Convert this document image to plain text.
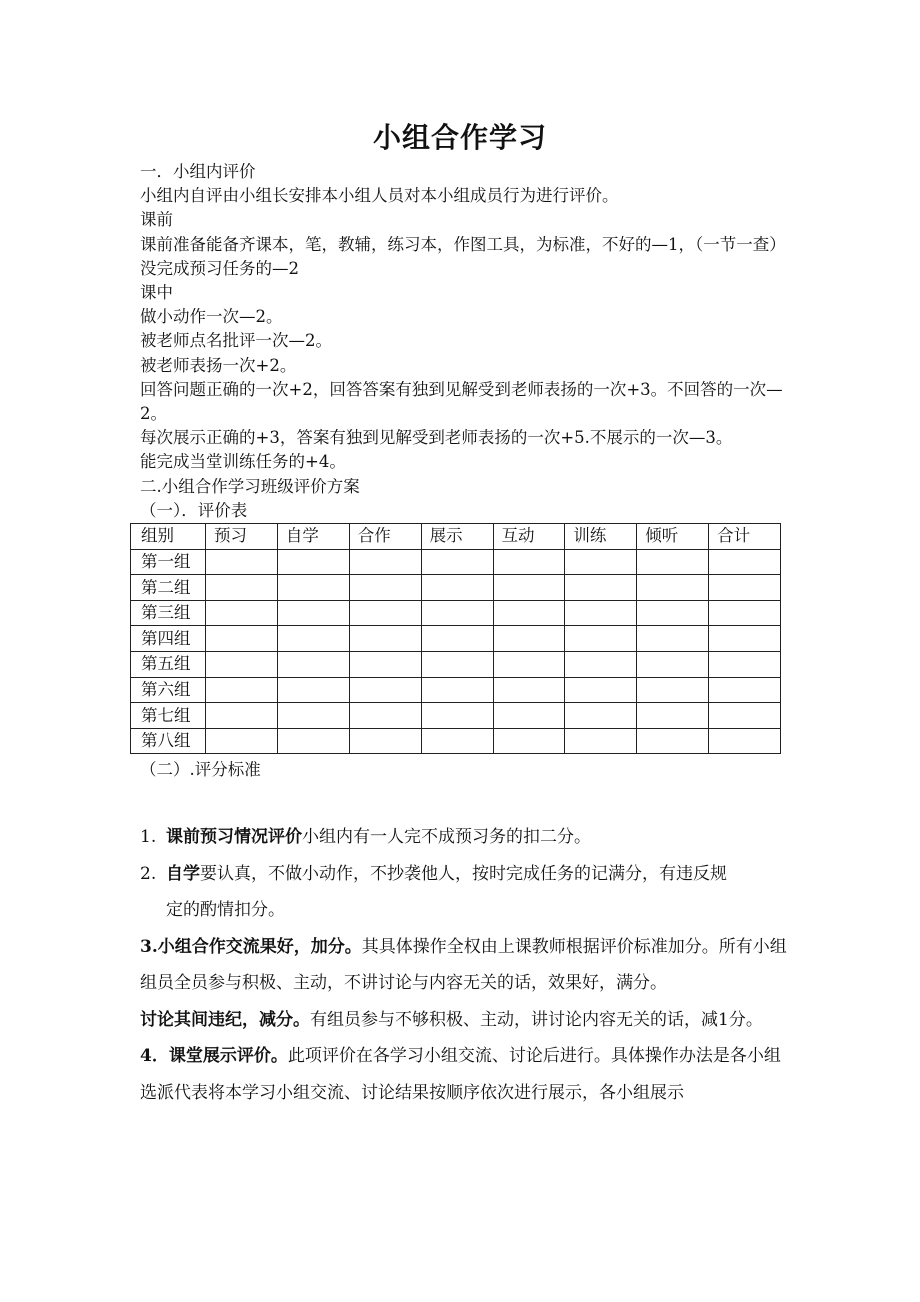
小组合作学习

一．小组内评价

小组内自评由小组长安排本小组人员对本小组成员行为进行评价。

课前

课前准备能备齐课本，笔，教辅，练习本，作图工具，为标准，不好的—1，（一节一查）

没完成预习任务的—2

课中

做小动作一次—2。

被老师点名批评一次—2。

被老师表扬一次+2。

回答问题正确的一次+2，回答答案有独到见解受到老师表扬的一次+3。不回答的一次—2。

每次展示正确的+3，答案有独到见解受到老师表扬的一次+5.不展示的一次—3。

能完成当堂训练任务的+4。

二.小组合作学习班级评价方案

（一）．评价表

组别	预习	自学	合作	展示	互动	训练	倾听	合计
第一组								
第二组								
第三组								
第四组								
第五组								
第六组								
第七组								
第八组								

（二）.评分标准

1. 课前预习情况评价小组内有一人完不成预习务的扣二分。

2. 自学要认真，不做小动作，不抄袭他人，按时完成任务的记满分，有违反规

定的酌情扣分。

3.小组合作交流果好，加分。其具体操作全权由上课教师根据评价标准加分。所有小组组员全员参与积极、主动，不讲讨论与内容无关的话，效果好，满分。

讨论其间违纪，减分。有组员参与不够积极、主动，讲讨论内容无关的话，减1分。

4．课堂展示评价。此项评价在各学习小组交流、讨论后进行。具体操作办法是各小组选派代表将本学习小组交流、讨论结果按顺序依次进行展示，各小组展示
